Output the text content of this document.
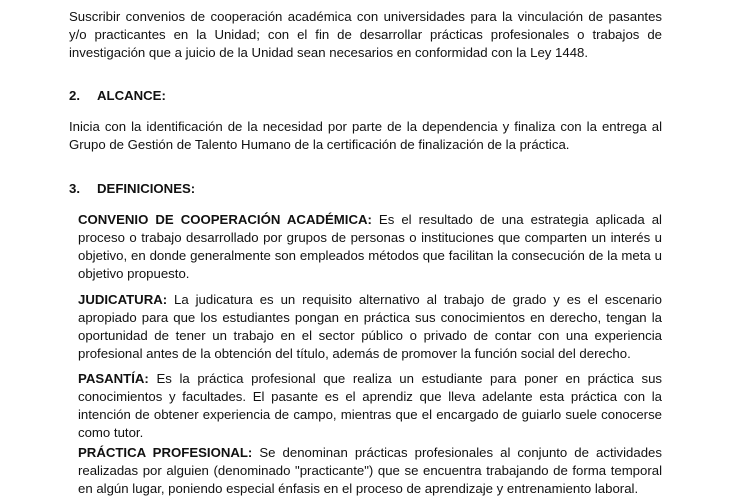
Suscribir convenios de cooperación académica con universidades para la vinculación de pasantes y/o practicantes en la Unidad; con el fin de desarrollar prácticas profesionales o trabajos de investigación que a juicio de la Unidad sean necesarios en conformidad con la Ley 1448.

2. ALCANCE:

Inicia con la identificación de la necesidad por parte de la dependencia y finaliza con la entrega al Grupo de Gestión de Talento Humano de la certificación de finalización de la práctica.

3. DEFINICIONES:

CONVENIO DE COOPERACIÓN ACADÉMICA: Es el resultado de una estrategia aplicada al proceso o trabajo desarrollado por grupos de personas o instituciones que comparten un interés u objetivo, en donde generalmente son empleados métodos que facilitan la consecución de la meta u objetivo propuesto.

JUDICATURA: La judicatura es un requisito alternativo al trabajo de grado y es el escenario apropiado para que los estudiantes pongan en práctica sus conocimientos en derecho, tengan la oportunidad de tener un trabajo en el sector público o privado de contar con una experiencia profesional antes de la obtención del título, además de promover la función social del derecho.

PASANTÍA: Es la práctica profesional que realiza un estudiante para poner en práctica sus conocimientos y facultades. El pasante es el aprendiz que lleva adelante esta práctica con la intención de obtener experiencia de campo, mientras que el encargado de guiarlo suele conocerse como tutor.

PRÁCTICA PROFESIONAL: Se denominan prácticas profesionales al conjunto de actividades realizadas por alguien (denominado "practicante") que se encuentra trabajando de forma temporal en algún lugar, poniendo especial énfasis en el proceso de aprendizaje y entrenamiento laboral.
